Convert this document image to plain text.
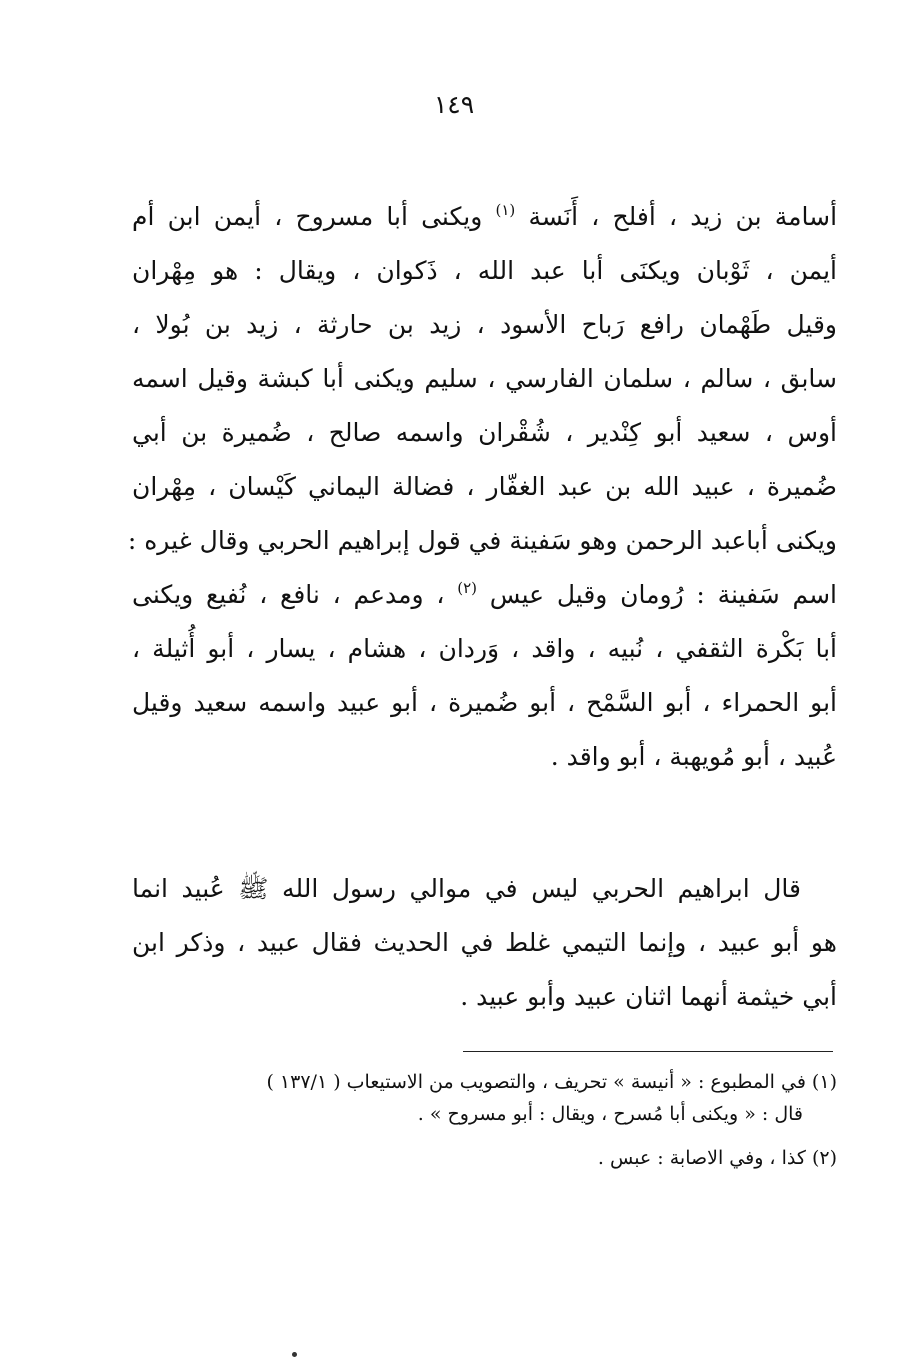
١٤٩
أسامة بن زيد ، أفلح ، أَنَسة $^{(١)}$ ويكنى أبا مسروح ، أيمن ابن أم
أيمن ، ثَوْبان ويكنَى أبا عبد الله ، ذَكوان ، ويقال : هو مِهْران
وقيل طَهْمان رافع رَباح الأسود ، زيد بن حارثة ، زيد بن بُولا ،
سابق ، سالم ، سلمان الفارسي ، سليم ويكنى أبا كبشة وقيل اسمه
أوس ، سعيد أبو كِنْدير ، شُقْران واسمه صالح ، ضُميرة بن أبي
ضُميرة ، عبيد الله بن عبد الغفّار ، فضالة اليماني كَيْسان ، مِهْران
ويكنى أباعبد الرحمن وهو سَفينة في قول إبراهيم الحربي وقال غيره :
اسم سَفينة : رُومان وقيل عيس $^{(٢)}$ ، ومدعم ، نافع ، نُفيع ويكنى
أبا بَكْرة الثقفي ، نُبيه ، واقد ، وَردان ، هشام ، يسار ، أبو أُثيلة ،
أبو الحمراء ، أبو السَّمْح ، أبو ضُميرة ، أبو عبيد واسمه سعيد وقيل
عُبيد ، أبو مُويهبة ، أبو واقد .
قال ابراهيم الحربي ليس في موالي رسول الله ﷺ عُبيد انما
هو أبو عبيد ، وإنما التيمي غلط في الحديث فقال عبيد ، وذكر ابن
أبي خيثمة أنهما اثنان عبيد وأبو عبيد .
(١) في المطبوع : « أنيسة » تحريف ، والتصويب من الاستيعاب ( ١٣٧/١ )
قال : « ويكنى أبا مُسرح ، ويقال : أبو مسروح » .
(٢) كذا ، وفي الاصابة : عبس .
